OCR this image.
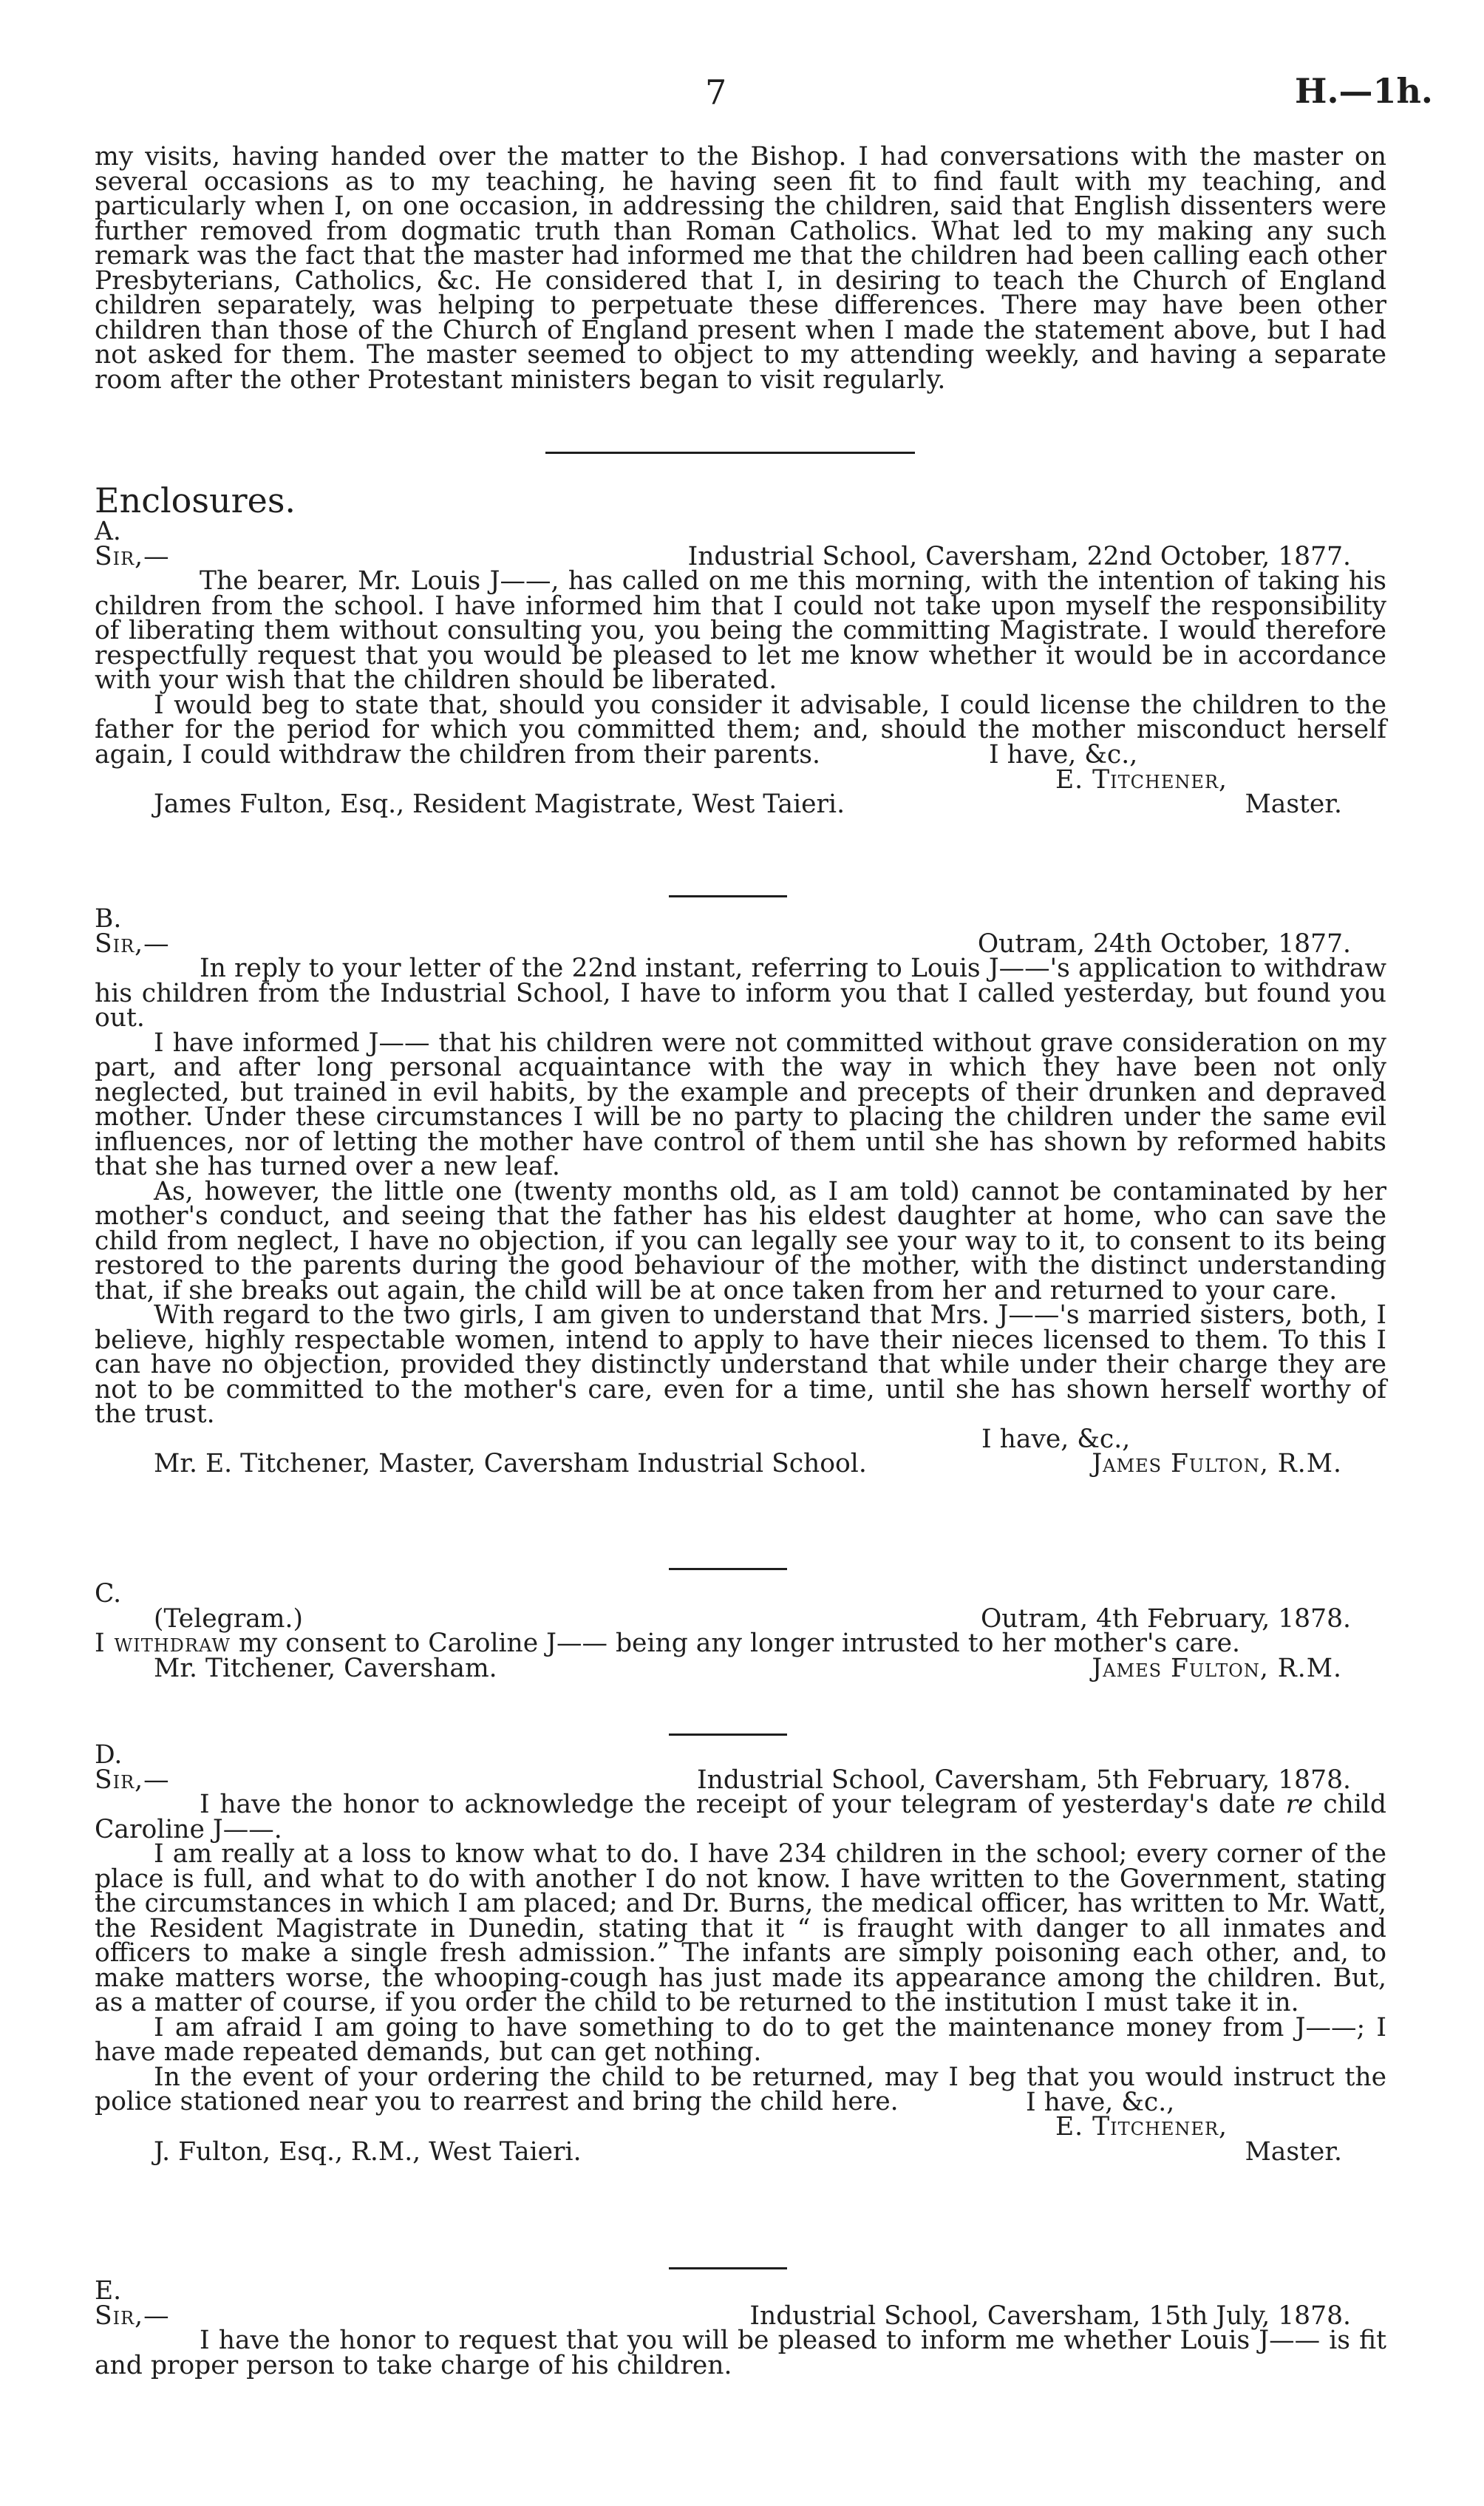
7	H.—1h.

my visits, having handed over the matter to the Bishop. I had conversations with the master on several occasions as to my teaching, he having seen fit to find fault with my teaching, and particularly when I, on one occasion, in addressing the children, said that English dissenters were further removed from dogmatic truth than Roman Catholics. What led to my making any such remark was the fact that the master had informed me that the children had been calling each other Presbyterians, Catholics, &c. He considered that I, in desiring to teach the Church of England children separately, was helping to perpetuate these differences. There may have been other children than those of the Church of England present when I made the statement above, but I had not asked for them. The master seemed to object to my attending weekly, and having a separate room after the other Protestant ministers began to visit regularly.

Enclosures.

A.

Sir,—	Industrial School, Caversham, 22nd October, 1877.

The bearer, Mr. Louis J——, has called on me this morning, with the intention of taking his children from the school. I have informed him that I could not take upon myself the responsibility of liberating them without consulting you, you being the committing Magistrate. I would therefore respectfully request that you would be pleased to let me know whether it would be in accordance with your wish that the children should be liberated.

I would beg to state that, should you consider it advisable, I could license the children to the father for the period for which you committed them; and, should the mother misconduct herself again, I could withdraw the children from their parents.	I have, &c.,
E. Titchener,
James Fulton, Esq., Resident Magistrate, West Taieri.	Master.

B.

Sir,—	Outram, 24th October, 1877.

In reply to your letter of the 22nd instant, referring to Louis J——'s application to withdraw his children from the Industrial School, I have to inform you that I called yesterday, but found you out.

I have informed J—— that his children were not committed without grave consideration on my part, and after long personal acquaintance with the way in which they have been not only neglected, but trained in evil habits, by the example and precepts of their drunken and depraved mother. Under these circumstances I will be no party to placing the children under the same evil influences, nor of letting the mother have control of them until she has shown by reformed habits that she has turned over a new leaf.

As, however, the little one (twenty months old, as I am told) cannot be contaminated by her mother's conduct, and seeing that the father has his eldest daughter at home, who can save the child from neglect, I have no objection, if you can legally see your way to it, to consent to its being restored to the parents during the good behaviour of the mother, with the distinct understanding that, if she breaks out again, the child will be at once taken from her and returned to your care.

With regard to the two girls, I am given to understand that Mrs. J——'s married sisters, both, I believe, highly respectable women, intend to apply to have their nieces licensed to them. To this I can have no objection, provided they distinctly understand that while under their charge they are not to be committed to the mother's care, even for a time, until she has shown herself worthy of the trust.

I have, &c.,
Mr. E. Titchener, Master, Caversham Industrial School.	James Fulton, R.M.

C.

(Telegram.)	Outram, 4th February, 1878.

I withdraw my consent to Caroline J—— being any longer intrusted to her mother's care.

Mr. Titchener, Caversham.	James Fulton, R.M.

D.

Sir,—	Industrial School, Caversham, 5th February, 1878.

I have the honor to acknowledge the receipt of your telegram of yesterday's date re child Caroline J——.

I am really at a loss to know what to do. I have 234 children in the school; every corner of the place is full, and what to do with another I do not know. I have written to the Government, stating the circumstances in which I am placed; and Dr. Burns, the medical officer, has written to Mr. Watt, the Resident Magistrate in Dunedin, stating that it “ is fraught with danger to all inmates and officers to make a single fresh admission.” The infants are simply poisoning each other, and, to make matters worse, the whooping-cough has just made its appearance among the children. But, as a matter of course, if you order the child to be returned to the institution I must take it in.

I am afraid I am going to have something to do to get the maintenance money from J——; I have made repeated demands, but can get nothing.

In the event of your ordering the child to be returned, may I beg that you would instruct the police stationed near you to rearrest and bring the child here.	I have, &c.,
E. Titchener,
J. Fulton, Esq., R.M., West Taieri.	Master.

E.

Sir,—	Industrial School, Caversham, 15th July, 1878.

I have the honor to request that you will be pleased to inform me whether Louis J—— is fit and proper person to take charge of his children.
